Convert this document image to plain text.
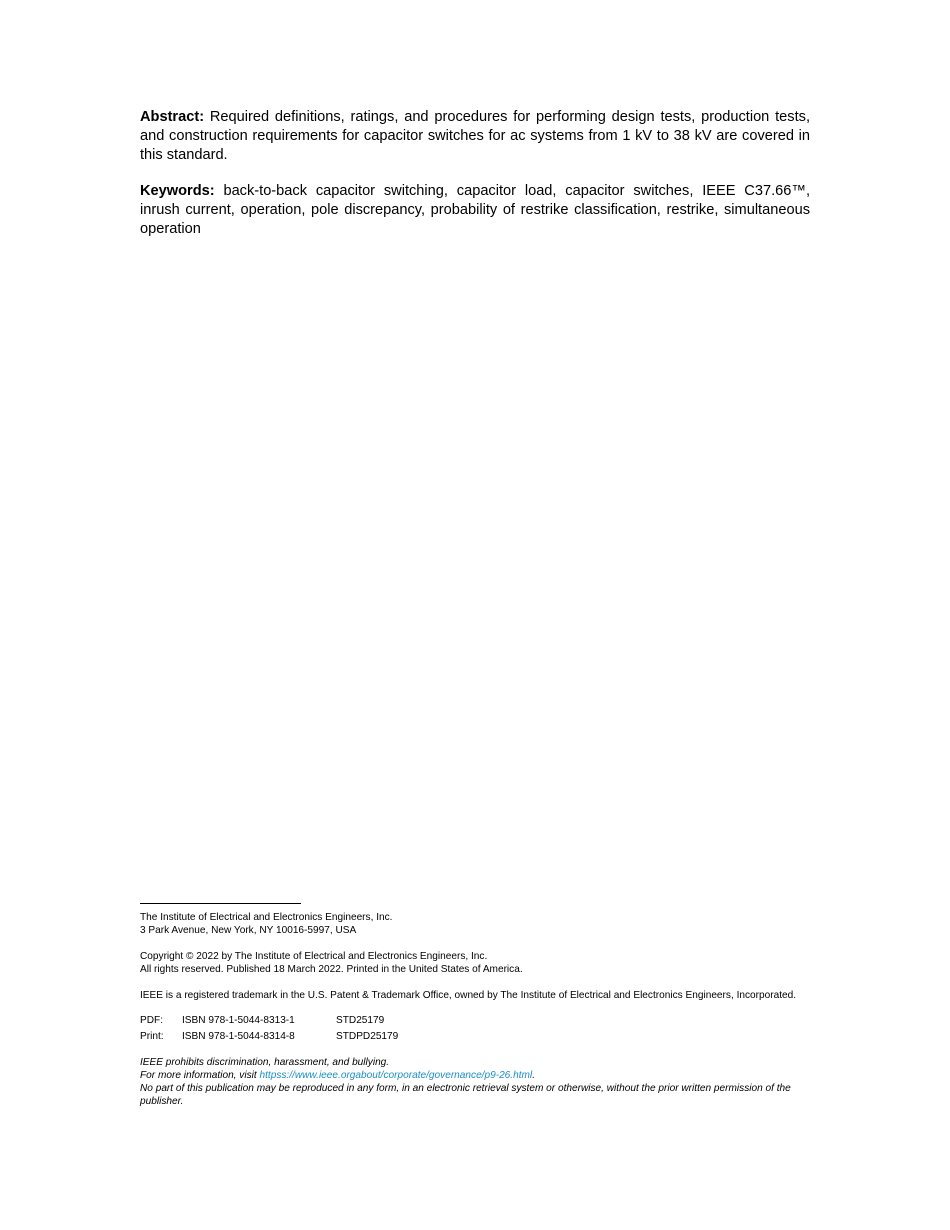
Abstract: Required definitions, ratings, and procedures for performing design tests, production tests, and construction requirements for capacitor switches for ac systems from 1 kV to 38 kV are covered in this standard.

Keywords: back-to-back capacitor switching, capacitor load, capacitor switches, IEEE C37.66™, inrush current, operation, pole discrepancy, probability of restrike classification, restrike, simultaneous operation

The Institute of Electrical and Electronics Engineers, Inc.
3 Park Avenue, New York, NY 10016-5997, USA
Copyright © 2022 by The Institute of Electrical and Electronics Engineers, Inc.
All rights reserved. Published 18 March 2022. Printed in the United States of America.
IEEE is a registered trademark in the U.S. Patent & Trademark Office, owned by The Institute of Electrical and Electronics Engineers, Incorporated.
PDF:	ISBN 978-1-5044-8313-1	STD25179
Print:	ISBN 978-1-5044-8314-8	STDPD25179
IEEE prohibits discrimination, harassment, and bullying.
For more information, visit httpss://www.ieee.orgabout/corporate/governance/p9-26.html.
No part of this publication may be reproduced in any form, in an electronic retrieval system or otherwise, without the prior written permission of the publisher.
